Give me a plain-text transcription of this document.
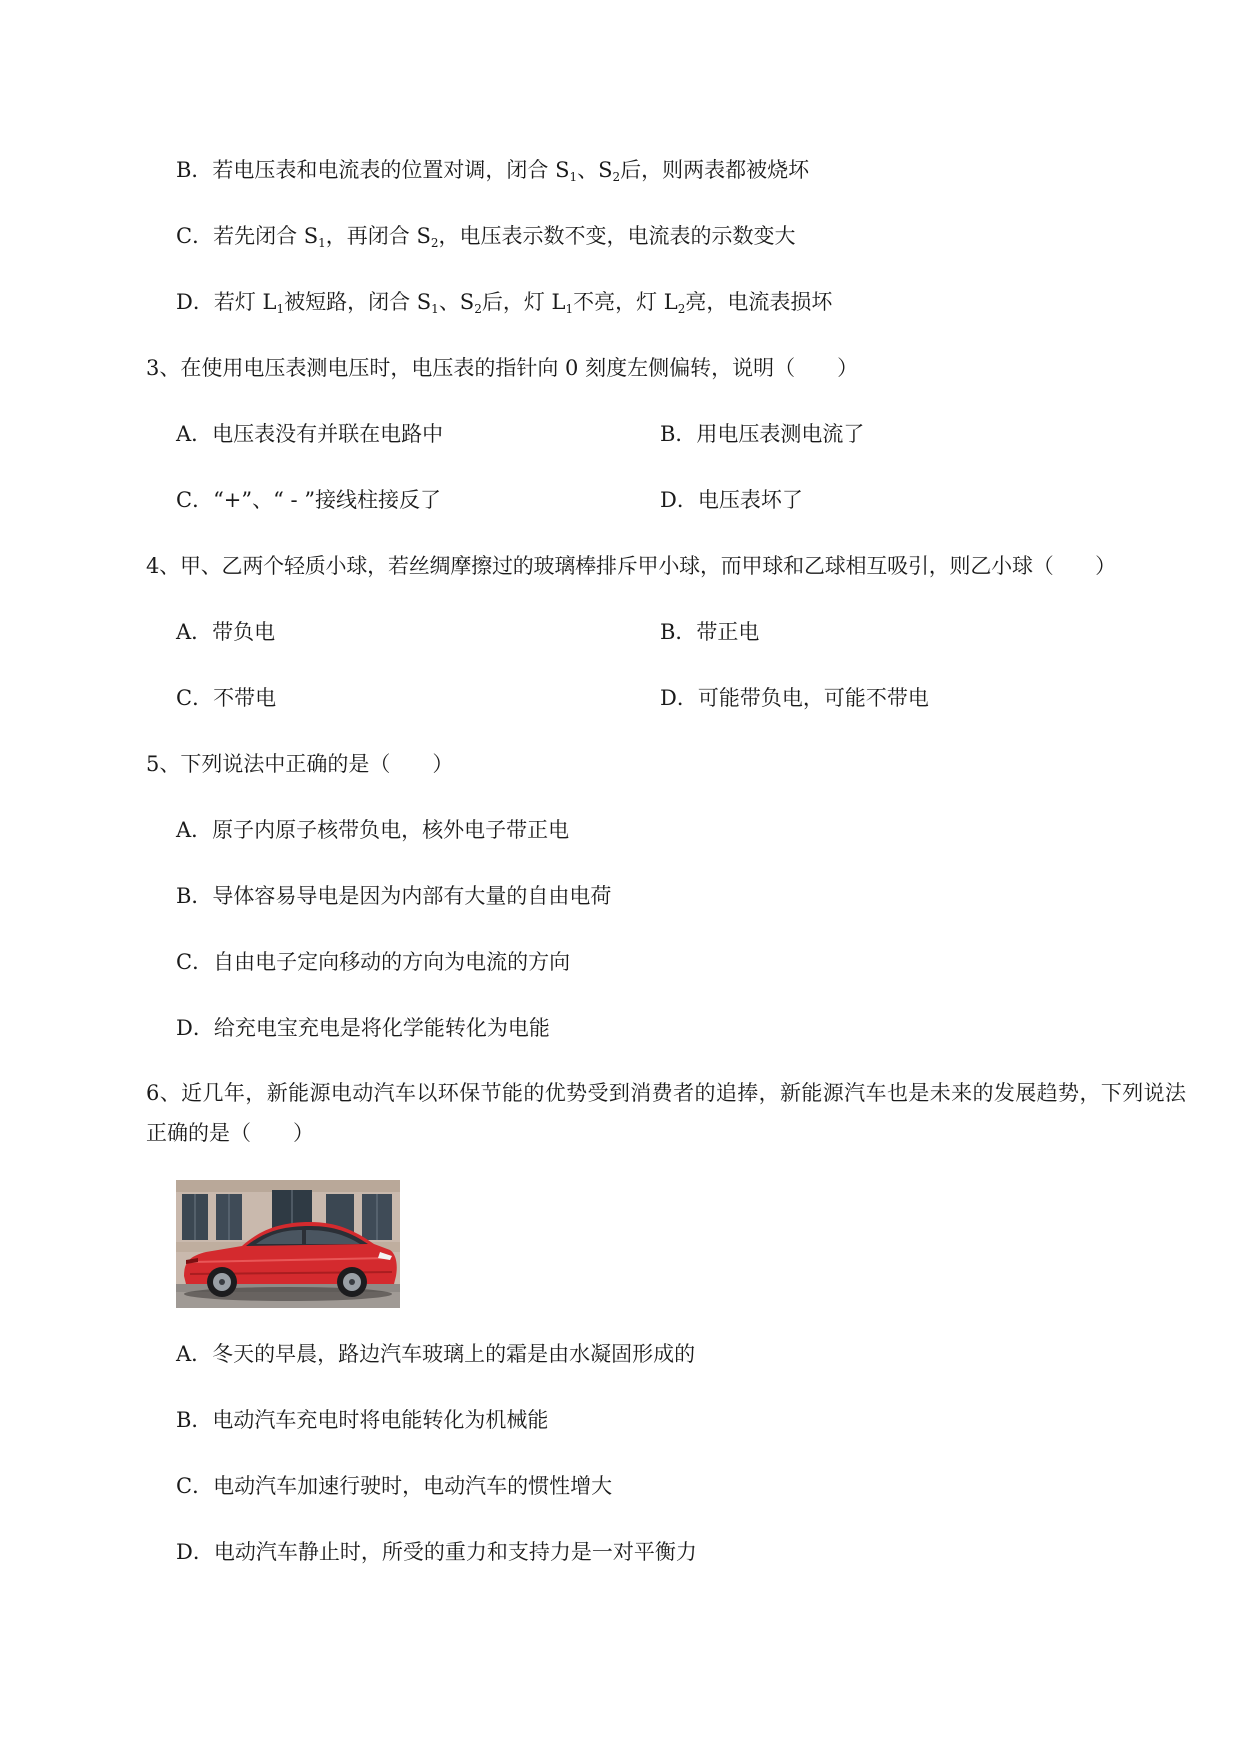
B．若电压表和电流表的位置对调，闭合 $S_1$、$S_2$后，则两表都被烧坏
C．若先闭合 $S_1$，再闭合 $S_2$，电压表示数不变，电流表的示数变大
D．若灯 $L_1$被短路，闭合 $S_1$、$S_2$后，灯 $L_1$不亮，灯 $L_2$亮，电流表损坏
3、在使用电压表测电压时，电压表的指针向 0 刻度左侧偏转，说明（　　）
A．电压表没有并联在电路中	B．用电压表测电流了
C．“+”、“ - ”接线柱接反了	D．电压表坏了
4、甲、乙两个轻质小球，若丝绸摩擦过的玻璃棒排斥甲小球，而甲球和乙球相互吸引，则乙小球（　　）
A．带负电	B．带正电
C．不带电	D．可能带负电，可能不带电
5、下列说法中正确的是（　　）
A．原子内原子核带负电，核外电子带正电
B．导体容易导电是因为内部有大量的自由电荷
C．自由电子定向移动的方向为电流的方向
D．给充电宝充电是将化学能转化为电能
6、近几年，新能源电动汽车以环保节能的优势受到消费者的追捧，新能源汽车也是未来的发展趋势，下列说法正确的是（　　）
A．冬天的早晨，路边汽车玻璃上的霜是由水凝固形成的
B．电动汽车充电时将电能转化为机械能
C．电动汽车加速行驶时，电动汽车的惯性增大
D．电动汽车静止时，所受的重力和支持力是一对平衡力
